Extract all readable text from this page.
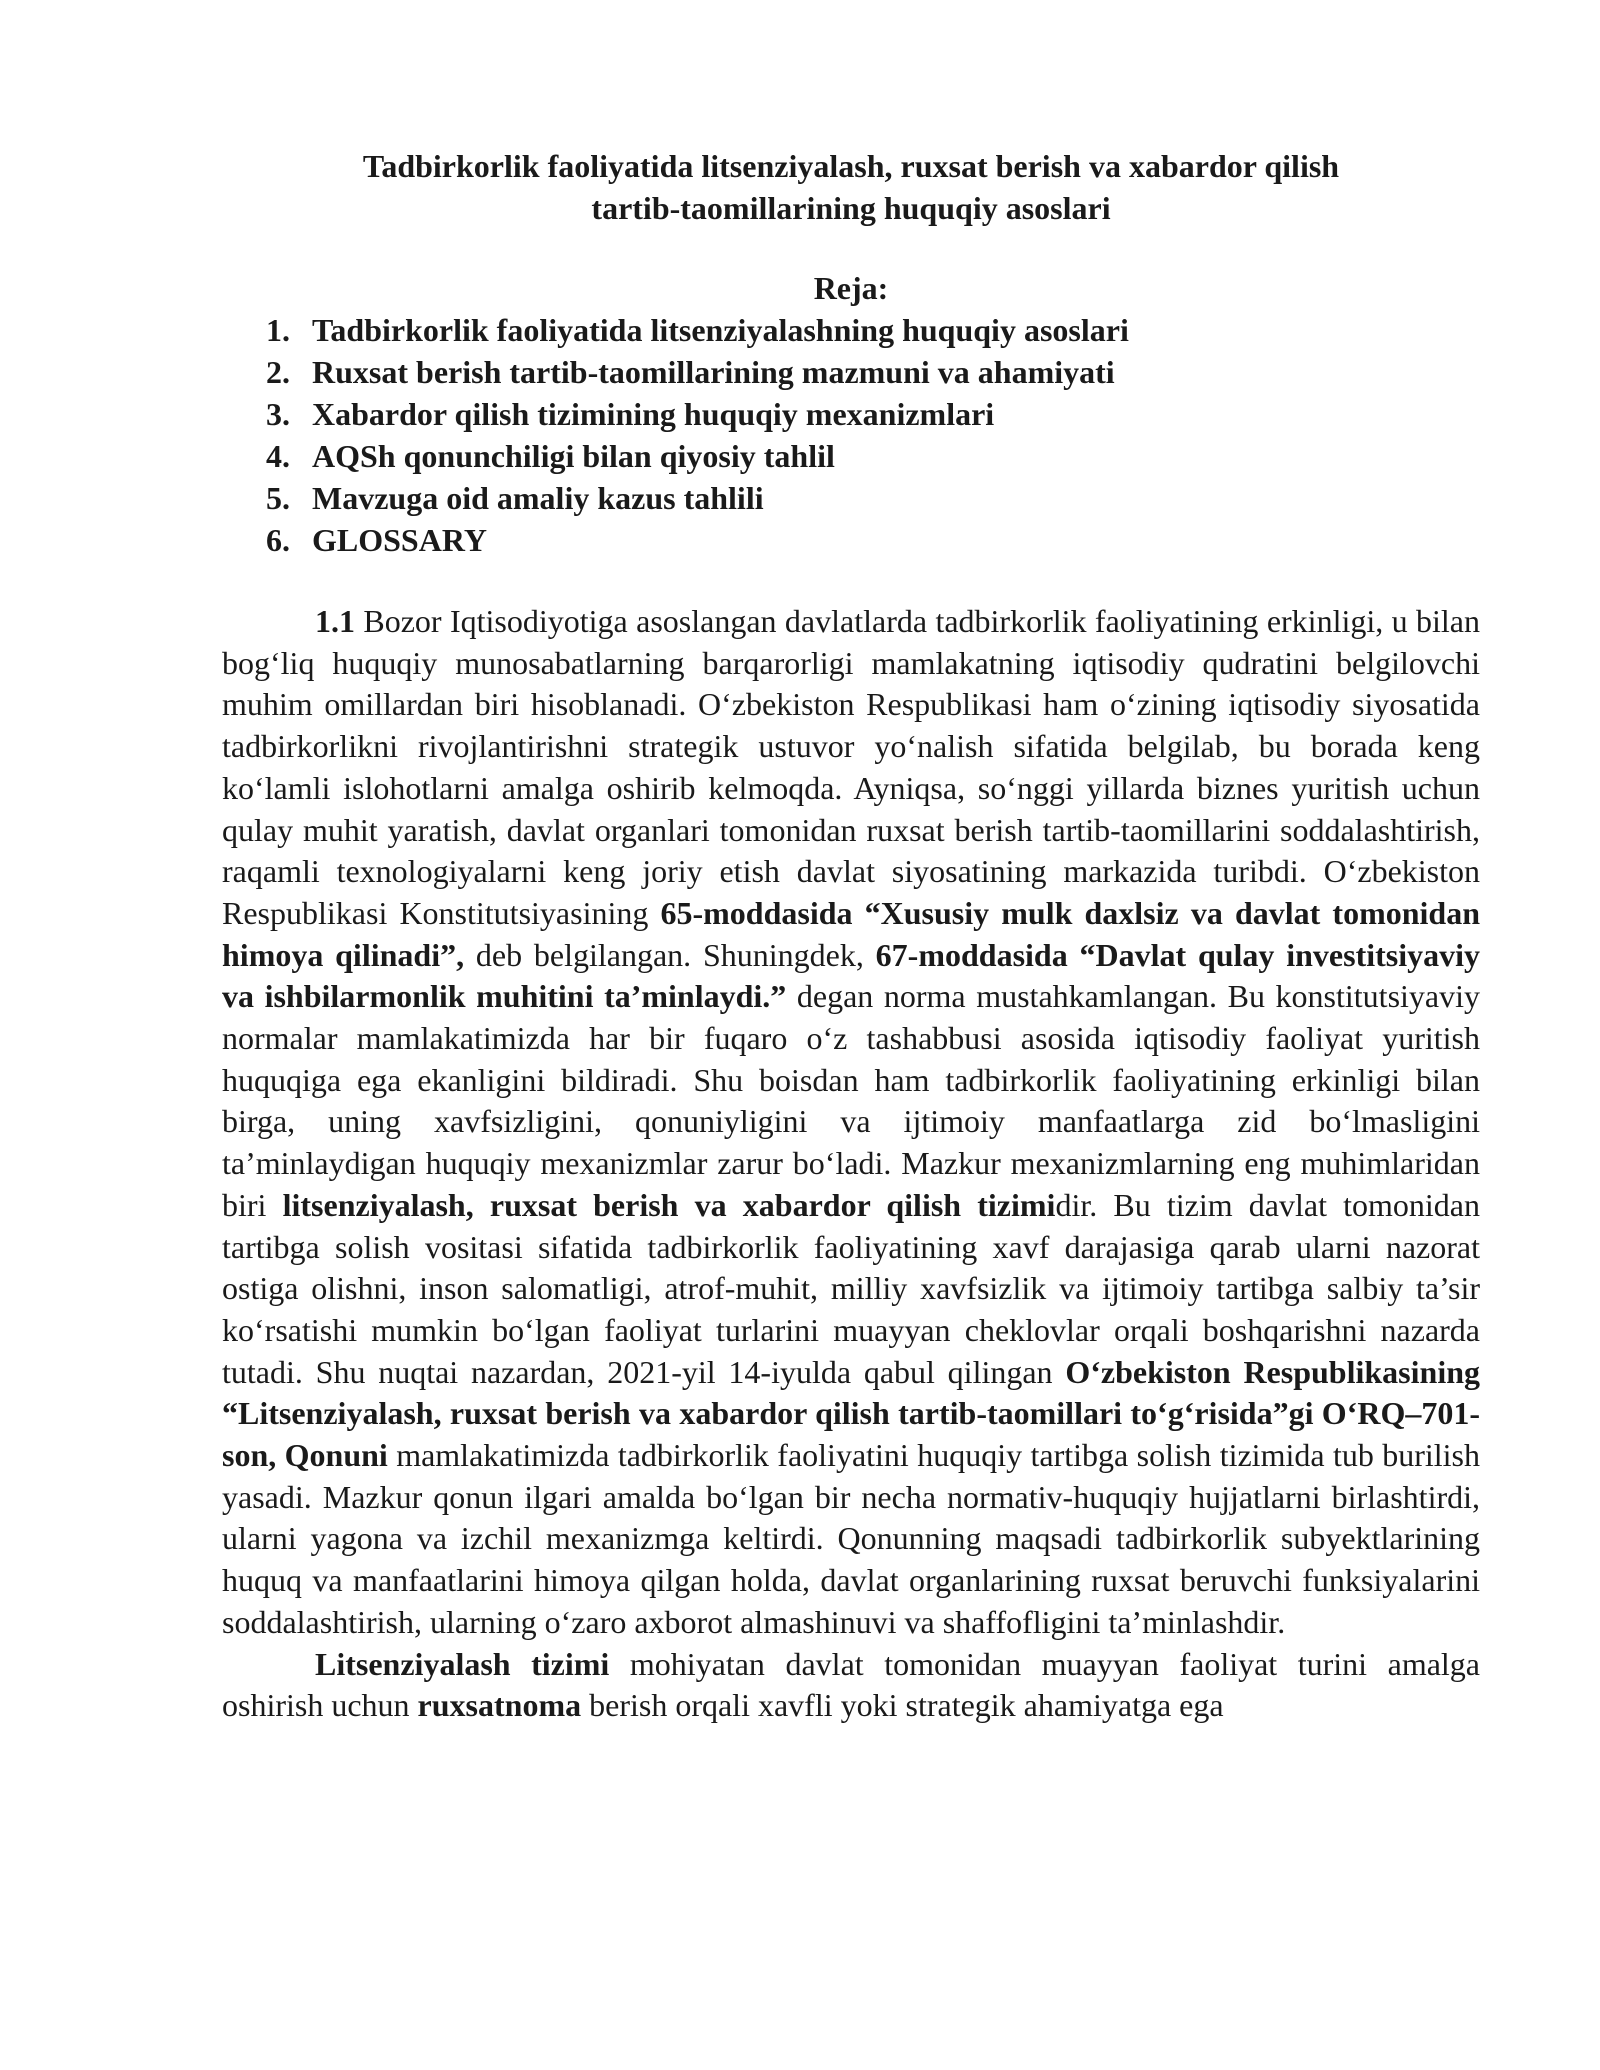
Tadbirkorlik faoliyatida litsenziyalash, ruxsat berish va xabardor qilish
tartib-taomillarining huquqiy asoslari
Reja:
1. Tadbirkorlik faoliyatida litsenziyalashning huquqiy asoslari
2. Ruxsat berish tartib-taomillarining mazmuni va ahamiyati
3. Xabardor qilish tizimining huquqiy mexanizmlari
4. AQSh qonunchiligi bilan qiyosiy tahlil
5. Mavzuga oid amaliy kazus tahlili
6. GLOSSARY

1.1 Bozor Iqtisodiyotiga asoslangan davlatlarda tadbirkorlik faoliyatining erkinligi, u bilan bog‘liq huquqiy munosabatlarning barqarorligi mamlakatning iqtisodiy qudratini belgilovchi muhim omillardan biri hisoblanadi. O‘zbekiston Respublikasi ham o‘zining iqtisodiy siyosatida tadbirkorlikni rivojlantirishni strategik ustuvor yo‘nalish sifatida belgilab, bu borada keng ko‘lamli islohotlarni amalga oshirib kelmoqda. Ayniqsa, so‘nggi yillarda biznes yuritish uchun qulay muhit yaratish, davlat organlari tomonidan ruxsat berish tartib-taomillarini soddalashtirish, raqamli texnologiyalarni keng joriy etish davlat siyosatining markazida turibdi. O‘zbekiston Respublikasi Konstitutsiyasining 65-moddasida “Xususiy mulk daxlsiz va davlat tomonidan himoya qilinadi”, deb belgilangan. Shuningdek, 67-moddasida “Davlat qulay investitsiyaviy va ishbilarmonlik muhitini ta’minlaydi.” degan norma mustahkamlangan. Bu konstitutsiyaviy normalar mamlakatimizda har bir fuqaro o‘z tashabbusi asosida iqtisodiy faoliyat yuritish huquqiga ega ekanligini bildiradi. Shu boisdan ham tadbirkorlik faoliyatining erkinligi bilan birga, uning xavfsizligini, qonuniyligini va ijtimoiy manfaatlarga zid bo‘lmasligini ta’minlaydigan huquqiy mexanizmlar zarur bo‘ladi. Mazkur mexanizmlarning eng muhimlaridan biri litsenziyalash, ruxsat berish va xabardor qilish tizimidir. Bu tizim davlat tomonidan tartibga solish vositasi sifatida tadbirkorlik faoliyatining xavf darajasiga qarab ularni nazorat ostiga olishni, inson salomatligi, atrof-muhit, milliy xavfsizlik va ijtimoiy tartibga salbiy ta’sir ko‘rsatishi mumkin bo‘lgan faoliyat turlarini muayyan cheklovlar orqali boshqarishni nazarda tutadi. Shu nuqtai nazardan, 2021-yil 14-iyulda qabul qilingan O‘zbekiston Respublikasining “Litsenziyalash, ruxsat berish va xabardor qilish tartib-taomillari to‘g‘risida”gi O‘RQ–701-son, Qonuni mamlakatimizda tadbirkorlik faoliyatini huquqiy tartibga solish tizimida tub burilish yasadi. Mazkur qonun ilgari amalda bo‘lgan bir necha normativ-huquqiy hujjatlarni birlashtirdi, ularni yagona va izchil mexanizmga keltirdi. Qonunning maqsadi tadbirkorlik subyektlarining huquq va manfaatlarini himoya qilgan holda, davlat organlarining ruxsat beruvchi funksiyalarini soddalashtirish, ularning o‘zaro axborot almashinuvi va shaffofligini ta’minlashdir.

Litsenziyalash tizimi mohiyatan davlat tomonidan muayyan faoliyat turini amalga oshirish uchun ruxsatnoma berish orqali xavfli yoki strategik ahamiyatga ega
